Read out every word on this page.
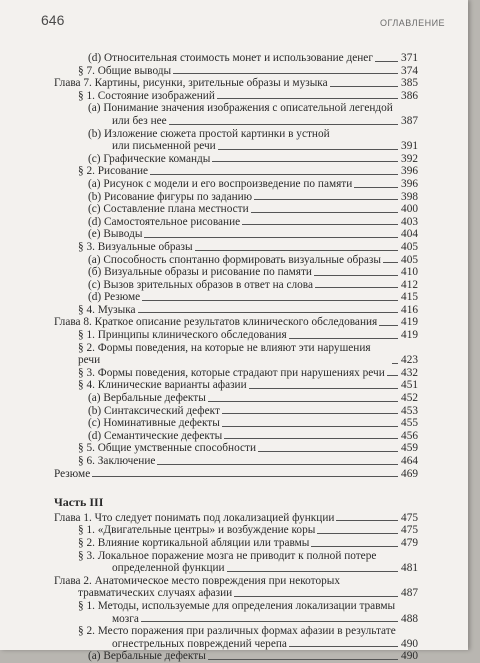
646	ОГЛАВЛЕНИЕ
(d) Относительная стоимость монет и использование денег 371
§ 7. Общие выводы	374
Глава 7. Картины, рисунки, зрительные образы и музыка	385
§ 1. Состояние изображений	386
(a) Понимание значения изображения с описательной легендой
или без нее	387
(b) Изложение сюжета простой картинки в устной
или письменной речи	391
(c) Графические команды	392
§ 2. Рисование	396
(a) Рисунок с модели и его воспроизведение по памяти	396
(b) Рисование фигуры по заданию	398
(c) Составление плана местности	400
(d) Самостоятельное рисование	403
(e) Выводы	404
§ 3. Визуальные образы	405
(a) Способность спонтанно формировать визуальные образы 405
(б) Визуальные образы и рисование по памяти	410
(c) Вызов зрительных образов в ответ на слова	412
(d) Резюме	415
§ 4. Музыка	416
Глава 8. Краткое описание результатов клинического обследования 419
§ 1. Принципы клинического обследования	419
§ 2. Формы поведения, на которые не влияют эти нарушения речи	423
§ 3. Формы поведения, которые страдают при нарушениях речи 432
§ 4. Клинические варианты афазии	451
(a) Вербальные дефекты	452
(b) Синтаксический дефект	453
(c) Номинативные дефекты	455
(d) Семантические дефекты	456
§ 5. Общие умственные способности	459
§ 6. Заключение	464
Резюме	469
Часть III
Глава 1. Что следует понимать под локализацией функции	475
§ 1. «Двигательные центры» и возбуждение коры	475
§ 2. Влияние кортикальной абляции или травмы	479
§ 3. Локальное поражение мозга не приводит к полной потере
определенной функции	481
Глава 2. Анатомическое место повреждения при некоторых
травматических случаях афазии	487
§ 1. Методы, используемые для определения локализации травмы
мозга	488
§ 2. Место поражения при различных формах афазии в результате
огнестрельных повреждений черепа	490
(a) Вербальные дефекты	490
